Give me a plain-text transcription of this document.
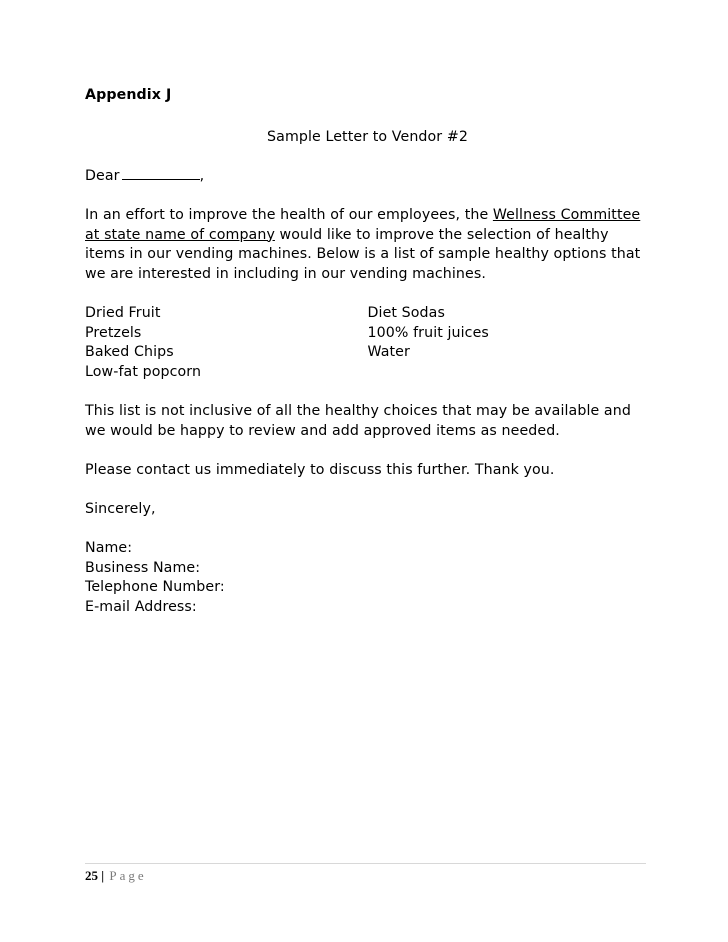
Appendix J
Sample Letter to Vendor #2
Dear	,
In an effort to improve the health of our employees, the Wellness Committee at state name of company would like to improve the selection of healthy items in our vending machines. Below is a list of sample healthy options that we are interested in including in our vending machines.
Dried Fruit
Pretzels
Baked Chips
Low-fat popcorn
Diet Sodas
100% fruit juices
Water
This list is not inclusive of all the healthy choices that may be available and we would be happy to review and add approved items as needed.
Please contact us immediately to discuss this further. Thank you.
Sincerely,
Name:
Business Name:
Telephone Number:
E-mail Address:
25 | Page
